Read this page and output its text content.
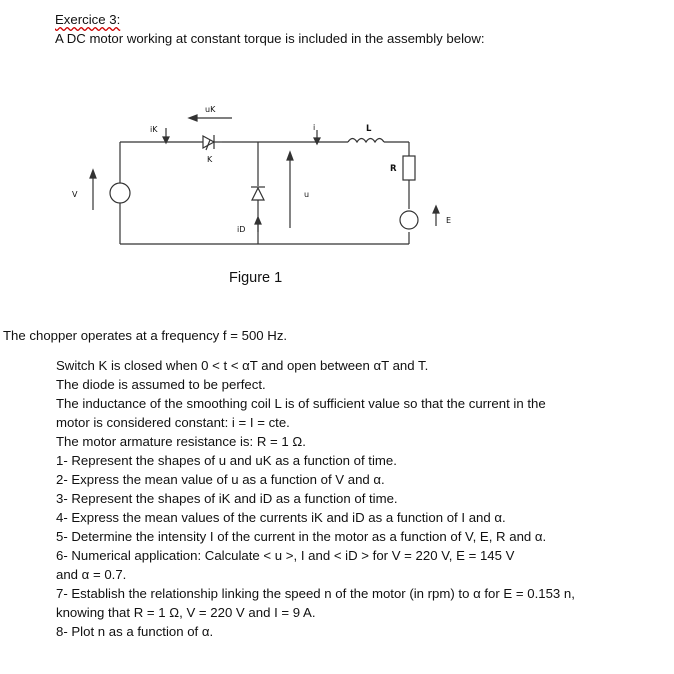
Exercice 3:
A DC motor working at constant torque is included in the assembly below:
uK
iK
K
i	L
R
V
E
iD
u
Figure 1
The chopper operates at a frequency f = 500 Hz.
Switch K is closed when 0 < t < αT and open between αT and T.
The diode is assumed to be perfect.
The inductance of the smoothing coil L is of sufficient value so that the current in the
motor is considered constant: i = I = cte.
The motor armature resistance is: R = 1 Ω.
1- Represent the shapes of u and uK as a function of time.
2- Express the mean value of u as a function of V and α.
3- Represent the shapes of iK and iD as a function of time.
4- Express the mean values of the currents iK and iD as a function of I and α.
5- Determine the intensity I of the current in the motor as a function of V, E, R and α.
6- Numerical application: Calculate < u >, I and < iD > for V = 220 V, E = 145 V
and α = 0.7.
7- Establish the relationship linking the speed n of the motor (in rpm) to α for E = 0.153 n,
knowing that R = 1 Ω, V = 220 V and I = 9 A.
8- Plot n as a function of α.
